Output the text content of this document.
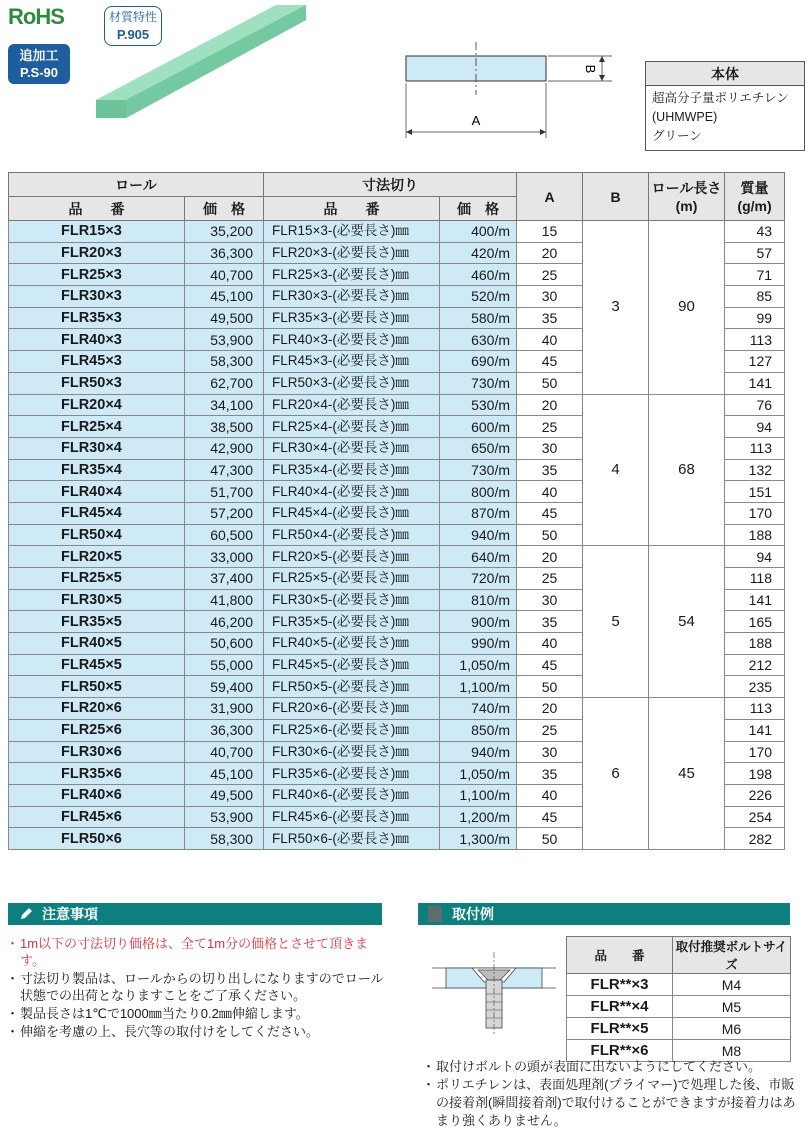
RoHS	材質特性
P.905
追加工
P.S-90
A
B	本体
超高分子量ポリエチレン
(UHMWPE)
グリーン
ロール		寸法切り		A	B	ロール長さ
(m)	質量
(g/m)
品　　番	価　格	品　　番	価　格				
FLR15×3	35,200	FLR15×3-(必要長さ)㎜	400/m	15	3	90	43
FLR20×3	36,300	FLR20×3-(必要長さ)㎜	420/m	20			57
FLR25×3	40,700	FLR25×3-(必要長さ)㎜	460/m	25			71
FLR30×3	45,100	FLR30×3-(必要長さ)㎜	520/m	30			85
FLR35×3	49,500	FLR35×3-(必要長さ)㎜	580/m	35			99
FLR40×3	53,900	FLR40×3-(必要長さ)㎜	630/m	40			113
FLR45×3	58,300	FLR45×3-(必要長さ)㎜	690/m	45			127
FLR50×3	62,700	FLR50×3-(必要長さ)㎜	730/m	50			141
FLR20×4	34,100	FLR20×4-(必要長さ)㎜	530/m	20	4	68	76
FLR25×4	38,500	FLR25×4-(必要長さ)㎜	600/m	25			94
FLR30×4	42,900	FLR30×4-(必要長さ)㎜	650/m	30			113
FLR35×4	47,300	FLR35×4-(必要長さ)㎜	730/m	35			132
FLR40×4	51,700	FLR40×4-(必要長さ)㎜	800/m	40			151
FLR45×4	57,200	FLR45×4-(必要長さ)㎜	870/m	45			170
FLR50×4	60,500	FLR50×4-(必要長さ)㎜	940/m	50			188
FLR20×5	33,000	FLR20×5-(必要長さ)㎜	640/m	20	5	54	94
FLR25×5	37,400	FLR25×5-(必要長さ)㎜	720/m	25			118
FLR30×5	41,800	FLR30×5-(必要長さ)㎜	810/m	30			141
FLR35×5	46,200	FLR35×5-(必要長さ)㎜	900/m	35			165
FLR40×5	50,600	FLR40×5-(必要長さ)㎜	990/m	40			188
FLR45×5	55,000	FLR45×5-(必要長さ)㎜	1,050/m	45			212
FLR50×5	59,400	FLR50×5-(必要長さ)㎜	1,100/m	50			235
FLR20×6	31,900	FLR20×6-(必要長さ)㎜	740/m	20	6	45	113
FLR25×6	36,300	FLR25×6-(必要長さ)㎜	850/m	25			141
FLR30×6	40,700	FLR30×6-(必要長さ)㎜	940/m	30			170
FLR35×6	45,100	FLR35×6-(必要長さ)㎜	1,050/m	35			198
FLR40×6	49,500	FLR40×6-(必要長さ)㎜	1,100/m	40			226
FLR45×6	53,900	FLR45×6-(必要長さ)㎜	1,200/m	45			254
FLR50×6	58,300	FLR50×6-(必要長さ)㎜	1,300/m	50			282
注意事項
・ 1m以下の寸法切り価格は、全て1m分の価格とさせて頂きます。
・ 寸法切り製品は、ロールからの切り出しになりますのでロール状態での出荷となりますことをご了承ください。
・ 製品長さは1℃で1000㎜当たり0.2㎜伸縮します。
・ 伸縮を考慮の上、長穴等の取付けをしてください。
取付例
品　　番	取付推奨ボルトサイズ
FLR**×3	M4
FLR**×4	M5
FLR**×5	M6
FLR**×6	M8
・ 取付けボルトの頭が表面に出ないようにしてください。
・ ポリエチレンは、表面処理剤(プライマー)で処理した後、市販の接着剤(瞬間接着剤)で取付けることができますが接着力はあまり強くありません。
